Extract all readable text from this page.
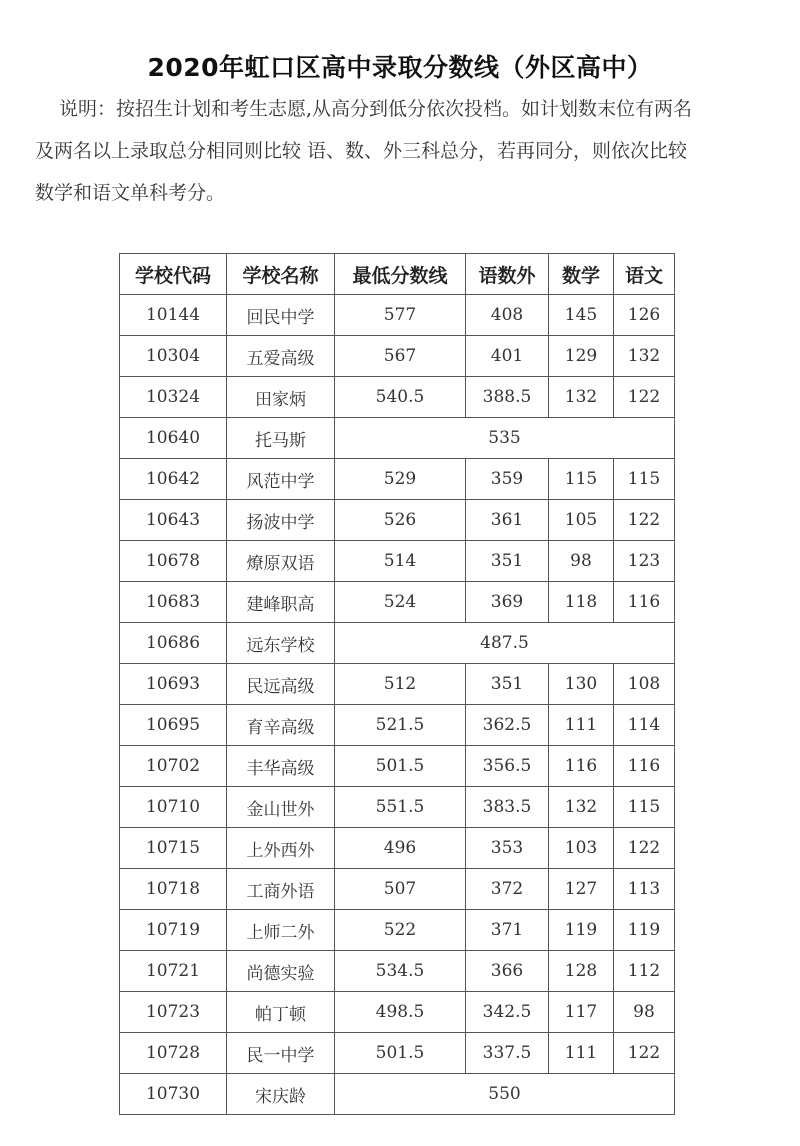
2020年虹口区高中录取分数线（外区高中）
说明：按招生计划和考生志愿,从高分到低分依次投档。如计划数末位有两名
及两名以上录取总分相同则比较 语、数、外三科总分，若再同分，则依次比较
数学和语文单科考分。
学校代码	学校名称	最低分数线	语数外	数学	语文
10144	回民中学	577	408	145	126
10304	五爱高级	567	401	129	132
10324	田家炳	540.5	388.5	132	122
10640	托马斯	535			
10642	风范中学	529	359	115	115
10643	扬波中学	526	361	105	122
10678	燎原双语	514	351	98	123
10683	建峰职高	524	369	118	116
10686	远东学校	487.5			
10693	民远高级	512	351	130	108
10695	育辛高级	521.5	362.5	111	114
10702	丰华高级	501.5	356.5	116	116
10710	金山世外	551.5	383.5	132	115
10715	上外西外	496	353	103	122
10718	工商外语	507	372	127	113
10719	上师二外	522	371	119	119
10721	尚德实验	534.5	366	128	112
10723	帕丁顿	498.5	342.5	117	98
10728	民一中学	501.5	337.5	111	122
10730	宋庆龄	550			
